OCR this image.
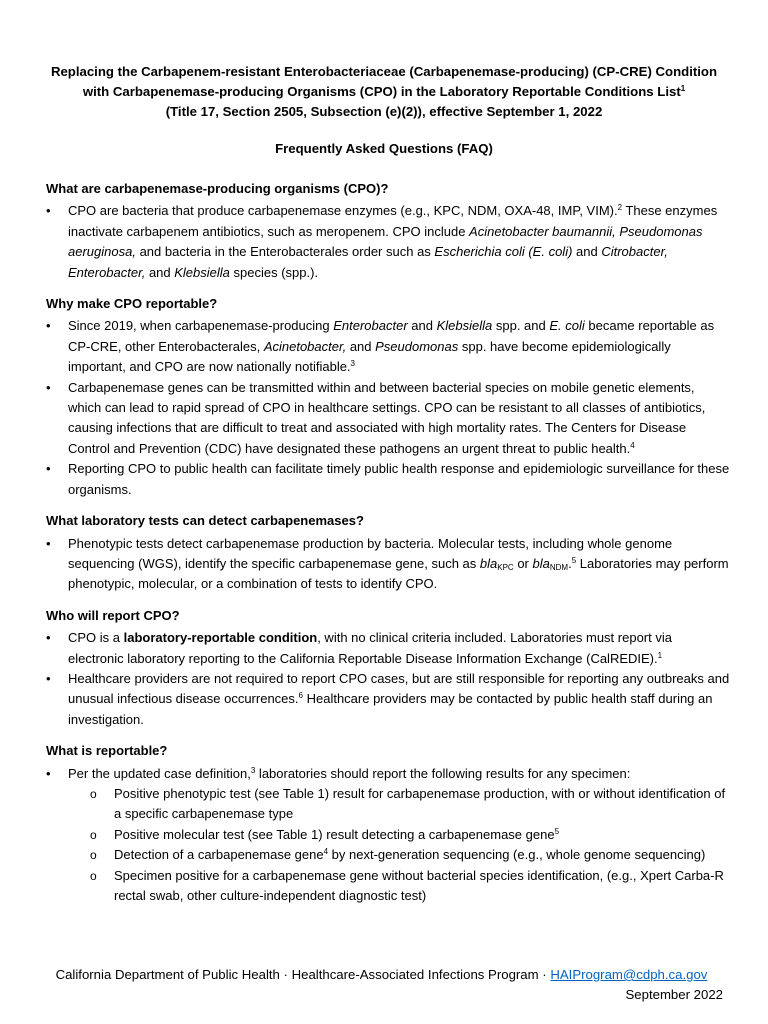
Replacing the Carbapenem-resistant Enterobacteriaceae (Carbapenemase-producing) (CP-CRE) Condition
with Carbapenemase-producing Organisms (CPO) in the Laboratory Reportable Conditions List$^1$
(Title 17, Section 2505, Subsection (e)(2)), effective September 1, 2022
Frequently Asked Questions (FAQ)

What are carbapenemase-producing organisms (CPO)?

• CPO are bacteria that produce carbapenemase enzymes (e.g., KPC, NDM, OXA-48, IMP, VIM).$^2$ These enzymes inactivate carbapenem antibiotics, such as meropenem. CPO include Acinetobacter baumannii, Pseudomonas aeruginosa, and bacteria in the Enterobacterales order such as Escherichia coli (E. coli) and Citrobacter, Enterobacter, and Klebsiella species (spp.).

Why make CPO reportable?

• Since 2019, when carbapenemase-producing Enterobacter and Klebsiella spp. and E. coli became reportable as CP-CRE, other Enterobacterales, Acinetobacter, and Pseudomonas spp. have become epidemiologically important, and CPO are now nationally notifiable.$^3$

• Carbapenemase genes can be transmitted within and between bacterial species on mobile genetic elements, which can lead to rapid spread of CPO in healthcare settings. CPO can be resistant to all classes of antibiotics, causing infections that are difficult to treat and associated with high mortality rates. The Centers for Disease Control and Prevention (CDC) have designated these pathogens an urgent threat to public health.$^4$

• Reporting CPO to public health can facilitate timely public health response and epidemiologic surveillance for these organisms.

What laboratory tests can detect carbapenemases?

• Phenotypic tests detect carbapenemase production by bacteria. Molecular tests, including whole genome sequencing (WGS), identify the specific carbapenemase gene, such as bla$_{KPC}$ or bla$_{NDM}$.$^5$ Laboratories may perform phenotypic, molecular, or a combination of tests to identify CPO.

Who will report CPO?

• CPO is a laboratory-reportable condition, with no clinical criteria included. Laboratories must report via electronic laboratory reporting to the California Reportable Disease Information Exchange (CalREDIE).$^1$

• Healthcare providers are not required to report CPO cases, but are still responsible for reporting any outbreaks and unusual infectious disease occurrences.$^6$ Healthcare providers may be contacted by public health staff during an investigation.

What is reportable?

• Per the updated case definition,$^3$ laboratories should report the following results for any specimen:

o Positive phenotypic test (see Table 1) result for carbapenemase production, with or without identification of a specific carbapenemase type

o Positive molecular test (see Table 1) result detecting a carbapenemase gene$^5$

o Detection of a carbapenemase gene$^4$ by next-generation sequencing (e.g., whole genome sequencing)

o Specimen positive for a carbapenemase gene without bacterial species identification, (e.g., Xpert Carba-R rectal swab, other culture-independent diagnostic test)

California Department of Public Health · Healthcare-Associated Infections Program · HAIProgram@cdph.ca.gov
September 2022
